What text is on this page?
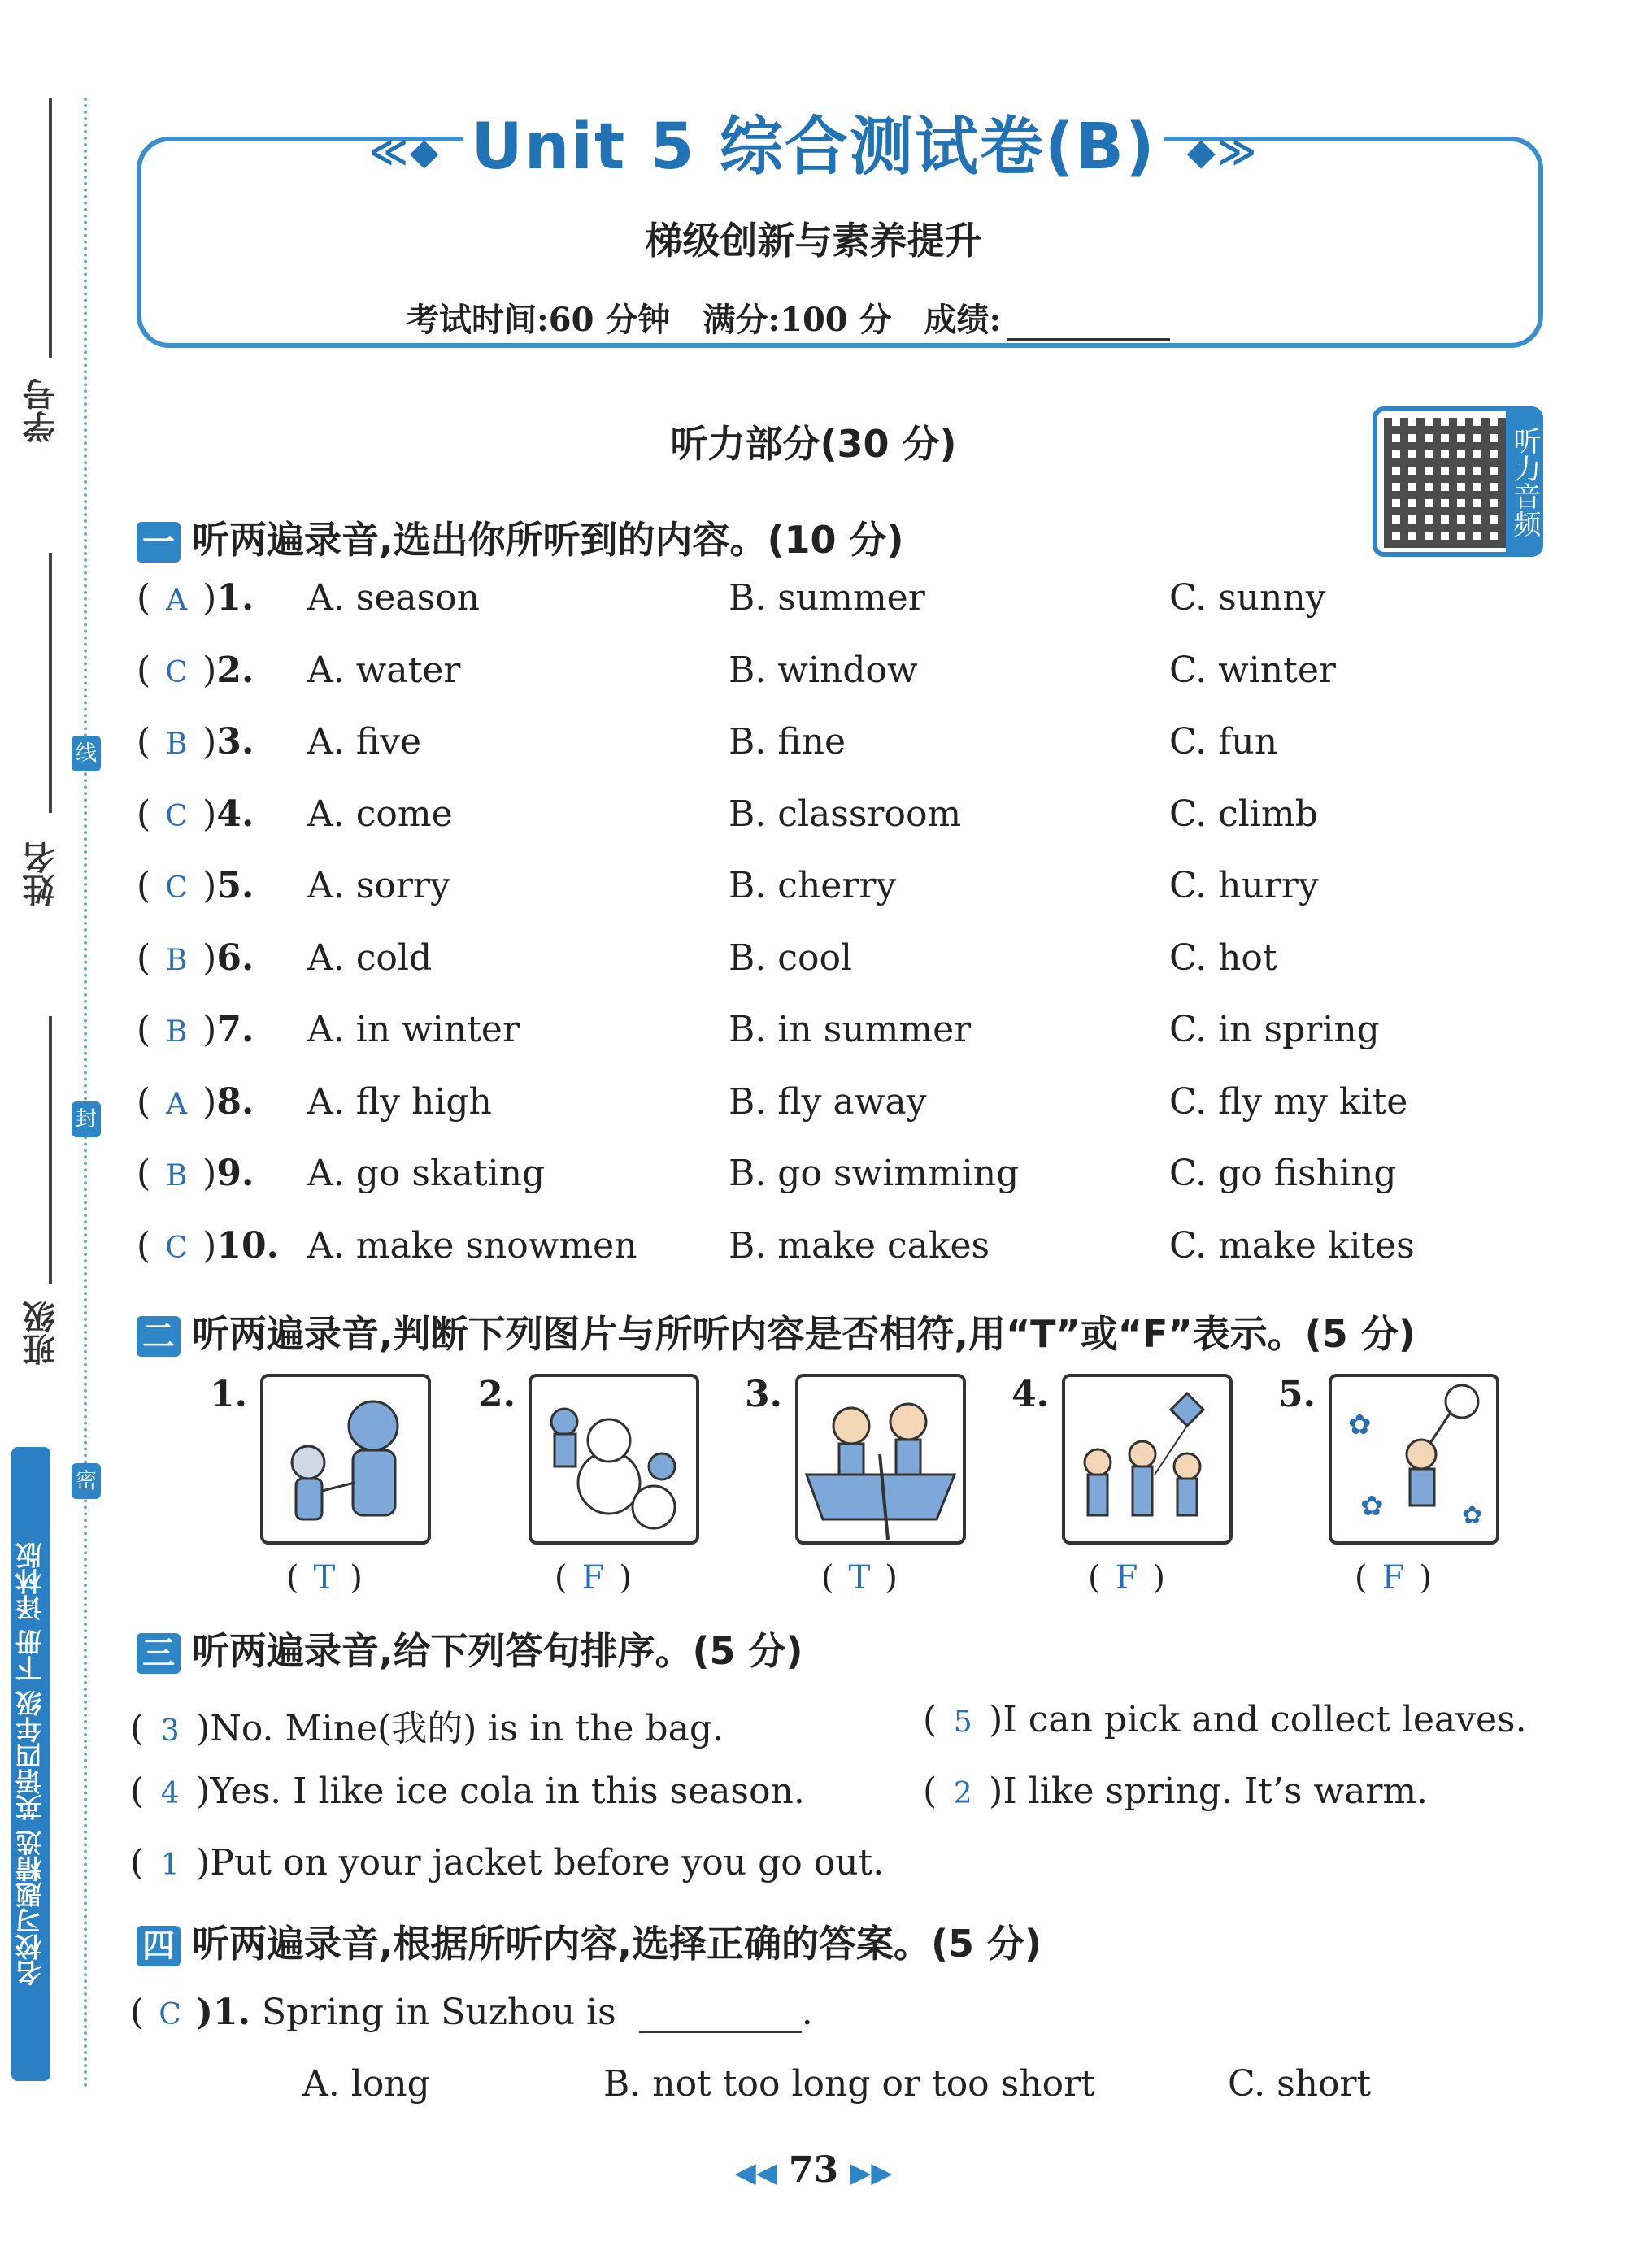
学号
姓名
班级
线
封
密
名校习题精选 英语四年级 下册 译林版
≪◆ Unit 5 综合测试卷(B) ◆≫
梯级创新与素养提升
考试时间:60 分钟　满分:100 分　成绩:
听力部分(30 分)	听力音频
一 听两遍录音,选出你所听到的内容。(10 分)
( A )1. A. season	B. summer	C. sunny
( C )2. A. water	B. window	C. winter
( B )3. A. five	B. fine	C. fun
( C )4. A. come	B. classroom	C. climb
( C )5. A. sorry	B. cherry	C. hurry
( B )6. A. cold	B. cool	C. hot
( B )7. A. in winter	B. in summer	C. in spring
( A )8. A. fly high	B. fly away	C. fly my kite
( B )9. A. go skating	B. go swimming	C. go fishing
( C )10. A. make snowmen	B. make cakes	C. make kites
二 听两遍录音,判断下列图片与所听内容是否相符,用“T”或“F”表示。(5 分)
1.
( T )
2.
( F )
3.
( T )
4.
( F )
5.
✿
✿	✿
( F )
三 听两遍录音,给下列答句排序。(5 分)
( 3 )No. Mine(我的) is in the bag.	( 5 )I can pick and collect leaves.
( 4 )Yes. I like ice cola in this season.	( 2 )I like spring. It’s warm.
( 1 )Put on your jacket before you go out.
四 听两遍录音,根据所听内容,选择正确的答案。(5 分)
( C )1. Spring in Suzhou is	.
A. long	B. not too long or too short	C. short
◀◀ 73 ▶▶
